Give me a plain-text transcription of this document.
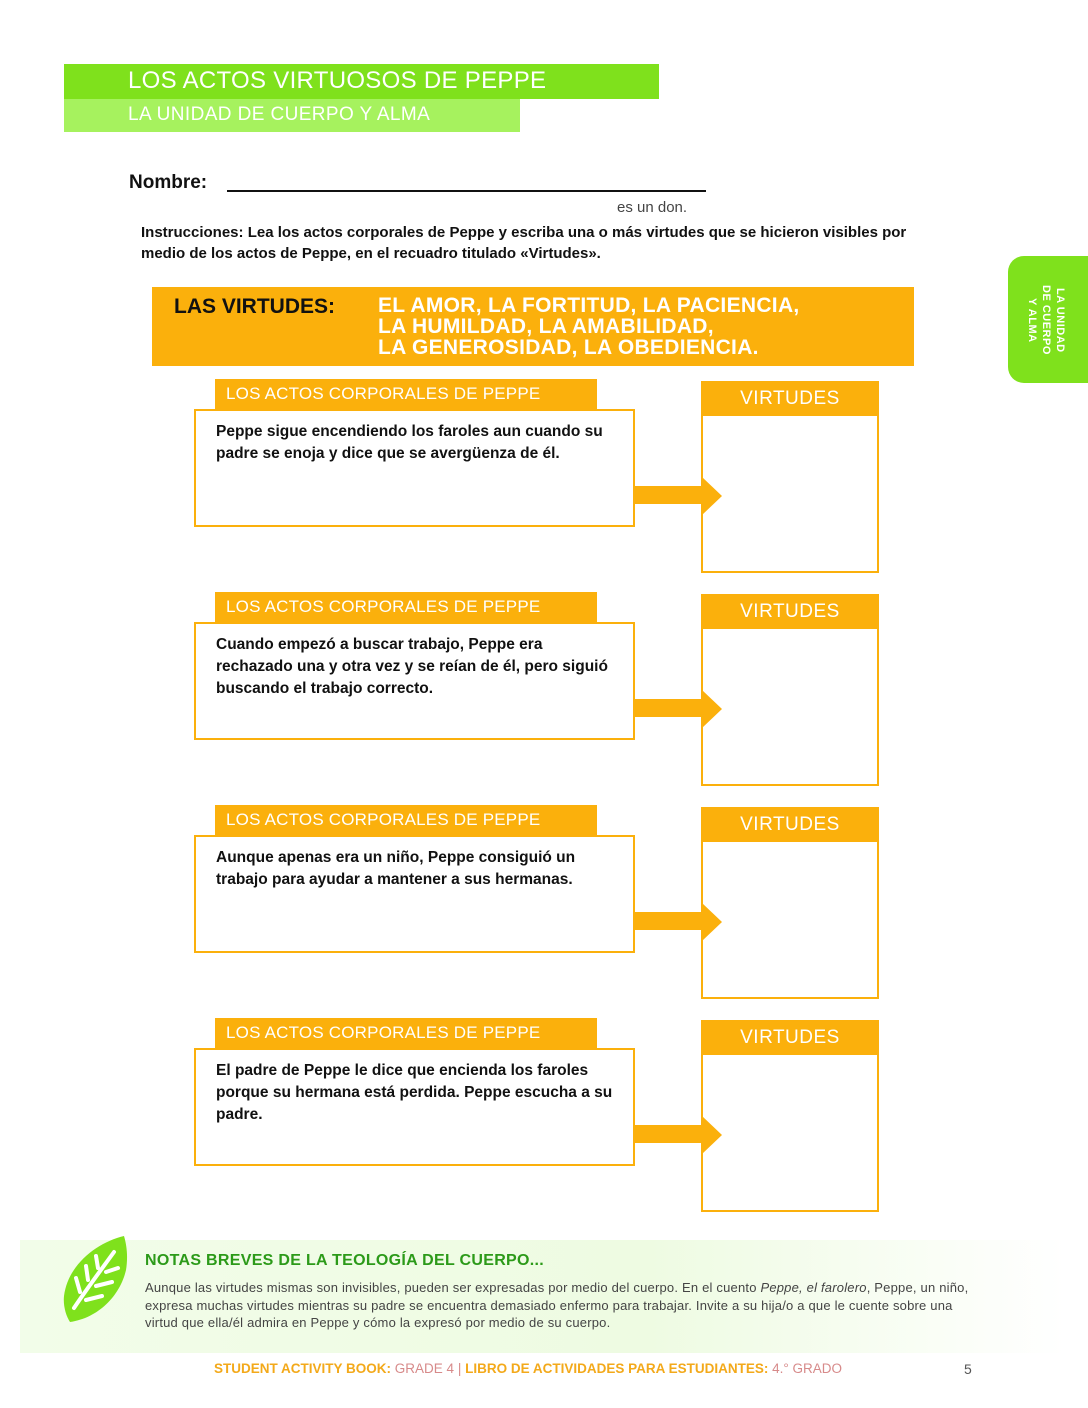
LOS ACTOS VIRTUOSOS DE PEPPE
LA UNIDAD DE CUERPO Y ALMA
LA UNIDAD
DE CUERPO
Y ALMA
Nombre:
es un don.
Instrucciones: Lea los actos corporales de Peppe y escriba una o más virtudes que se hicieron visibles por medio de los actos de Peppe, en el recuadro titulado «Virtudes».
LAS VIRTUDES: EL AMOR, LA FORTITUD, LA PACIENCIA,
LA HUMILDAD, LA AMABILIDAD,
LA GENEROSIDAD, LA OBEDIENCIA.
LOS ACTOS CORPORALES DE PEPPE
Peppe sigue encendiendo los faroles aun cuando su padre se enoja y dice que se avergüenza de él.
VIRTUDES
LOS ACTOS CORPORALES DE PEPPE
Cuando empezó a buscar trabajo, Peppe era rechazado una y otra vez y se reían de él, pero siguió buscando el trabajo correcto.
VIRTUDES
LOS ACTOS CORPORALES DE PEPPE
Aunque apenas era un niño, Peppe consiguió un trabajo para ayudar a mantener a sus hermanas.
VIRTUDES
LOS ACTOS CORPORALES DE PEPPE
El padre de Peppe le dice que encienda los faroles porque su hermana está perdida. Peppe escucha a su padre.
VIRTUDES
NOTAS BREVES DE LA TEOLOGÍA DEL CUERPO...
Aunque las virtudes mismas son invisibles, pueden ser expresadas por medio del cuerpo. En el cuento Peppe, el farolero, Peppe, un niño, expresa muchas virtudes mientras su padre se encuentra demasiado enfermo para trabajar. Invite a su hija/o a que le cuente sobre una virtud que ella/él admira en Peppe y cómo la expresó por medio de su cuerpo.
STUDENT ACTIVITY BOOK: GRADE 4 | LIBRO DE ACTIVIDADES PARA ESTUDIANTES: 4.° GRADO	5
